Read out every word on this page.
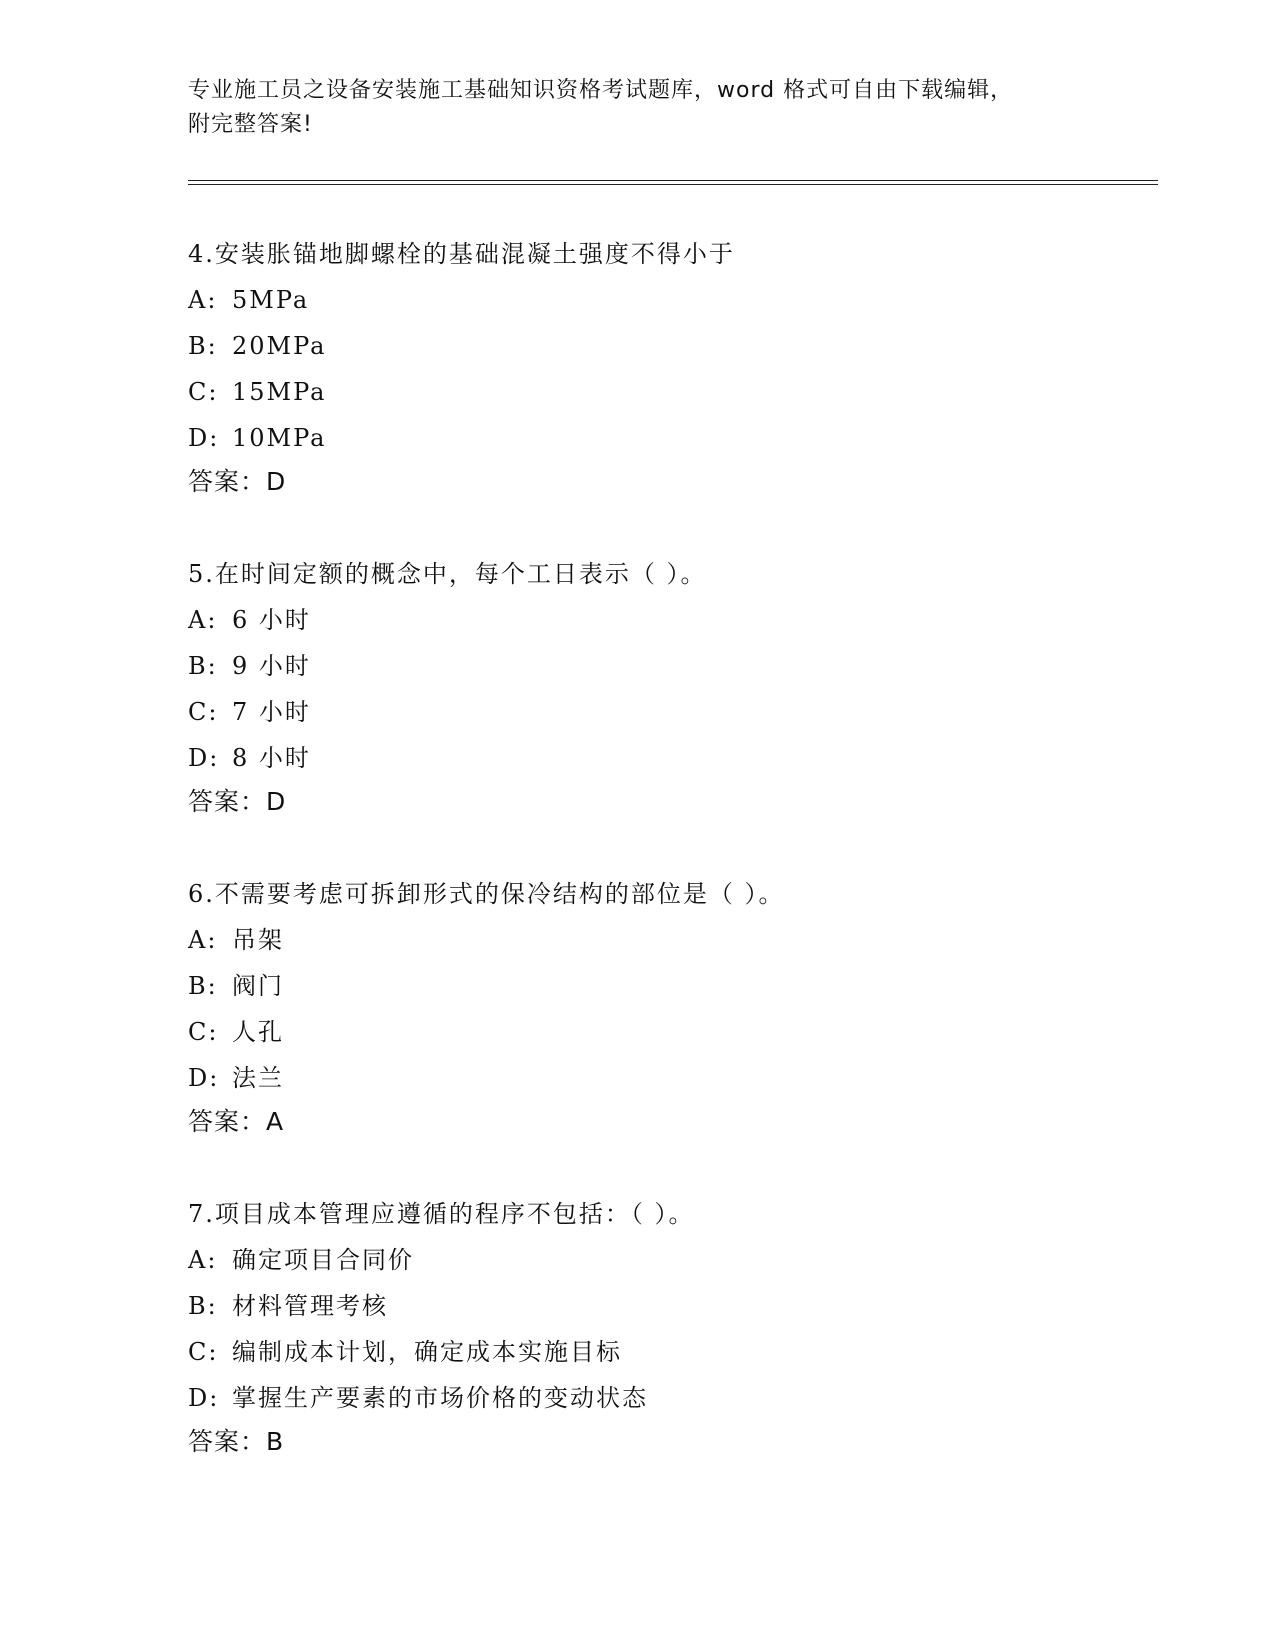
专业施工员之设备安装施工基础知识资格考试题库，word 格式可自由下载编辑，
附完整答案!
4.安装胀锚地脚螺栓的基础混凝土强度不得小于
A: 5MPa
B: 20MPa
C: 15MPa
D: 10MPa
答案：D
5.在时间定额的概念中，每个工日表示（ ）。
A: 6 小时
B: 9 小时
C: 7 小时
D: 8 小时
答案：D
6.不需要考虑可拆卸形式的保冷结构的部位是（ ）。
A: 吊架
B: 阀门
C: 人孔
D: 法兰
答案：A
7.项目成本管理应遵循的程序不包括：（ ）。
A: 确定项目合同价
B: 材料管理考核
C: 编制成本计划，确定成本实施目标
D: 掌握生产要素的市场价格的变动状态
答案：B
